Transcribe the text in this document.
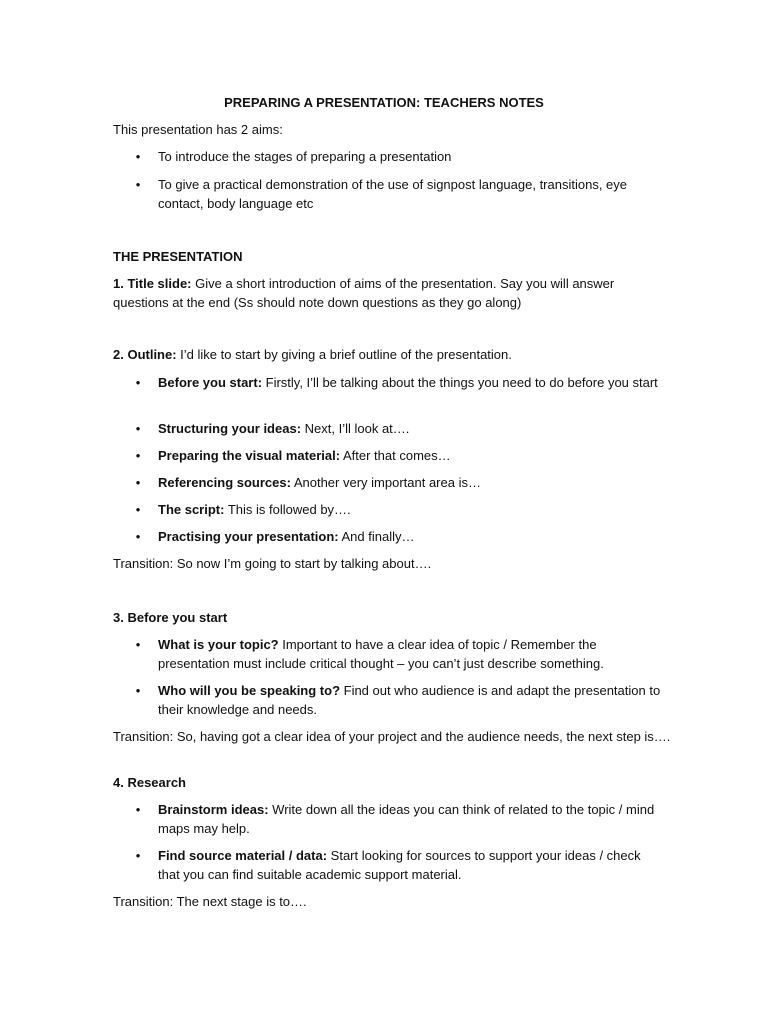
PREPARING A PRESENTATION: TEACHERS NOTES
This presentation has 2 aims:
• To introduce the stages of preparing a presentation
• To give a practical demonstration of the use of signpost language, transitions, eye contact, body language etc
THE PRESENTATION
1. Title slide: Give a short introduction of aims of the presentation. Say you will answer questions at the end (Ss should note down questions as they go along)
2. Outline: I’d like to start by giving a brief outline of the presentation.
• Before you start: Firstly, I’ll be talking about the things you need to do before you start
• Structuring your ideas: Next, I’ll look at….
• Preparing the visual material: After that comes…
• Referencing sources: Another very important area is…
• The script: This is followed by….
• Practising your presentation: And finally…
Transition: So now I’m going to start by talking about….
3. Before you start
• What is your topic? Important to have a clear idea of topic / Remember the presentation must include critical thought – you can’t just describe something.
• Who will you be speaking to? Find out who audience is and adapt the presentation to their knowledge and needs.
Transition: So, having got a clear idea of your project and the audience needs, the next step is….
4. Research
• Brainstorm ideas: Write down all the ideas you can think of related to the topic / mind maps may help.
• Find source material / data: Start looking for sources to support your ideas / check that you can find suitable academic support material.
Transition: The next stage is to….
